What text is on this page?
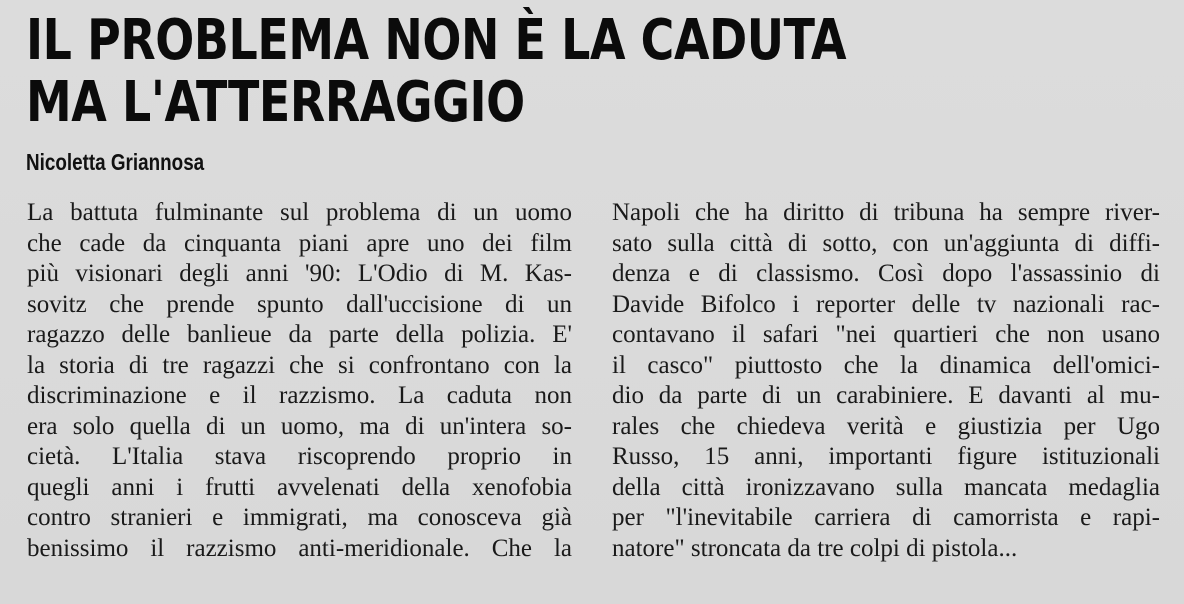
IL PROBLEMA NON È LA CADUTA
MA L'ATTERRAGGIO
Nicoletta Griannosa
La battuta fulminante sul problema di un uomo
che cade da cinquanta piani apre uno dei film
più visionari degli anni '90: L'Odio di M. Kas-
sovitz che prende spunto dall'uccisione di un
ragazzo delle banlieue da parte della polizia. E'
la storia di tre ragazzi che si confrontano con la
discriminazione e il razzismo. La caduta non
era solo quella di un uomo, ma di un'intera so-
cietà. L'Italia stava riscoprendo proprio in
quegli anni i frutti avvelenati della xenofobia
contro stranieri e immigrati, ma conosceva già
benissimo il razzismo anti-meridionale. Che la
Napoli che ha diritto di tribuna ha sempre river-
sato sulla città di sotto, con un'aggiunta di diffi-
denza e di classismo. Così dopo l'assassinio di
Davide Bifolco i reporter delle tv nazionali rac-
contavano il safari "nei quartieri che non usano
il casco" piuttosto che la dinamica dell'omici-
dio da parte di un carabiniere. E davanti al mu-
rales che chiedeva verità e giustizia per Ugo
Russo, 15 anni, importanti figure istituzionali
della città ironizzavano sulla mancata medaglia
per "l'inevitabile carriera di camorrista e rapi-
natore" stroncata da tre colpi di pistola...
